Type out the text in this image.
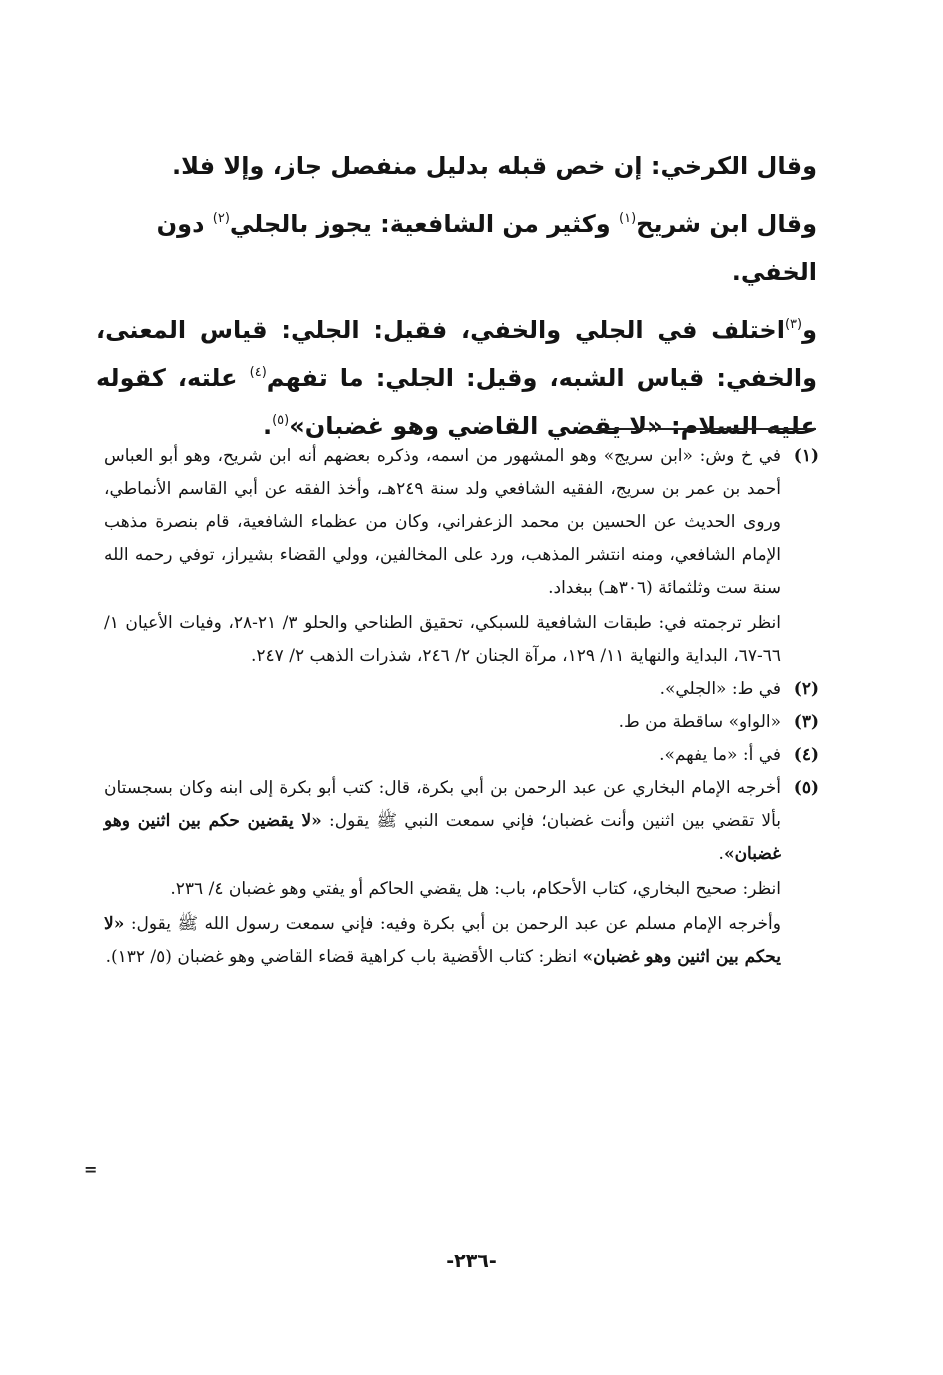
وقال الكرخي: إن خص قبله بدليل منفصل جاز، وإلا فلا.

وقال ابن شريح$^{(١)}$ وكثير من الشافعية: يجوز بالجلي$^{(٢)}$ دون الخفي.

و$^{(٣)}$اختلف في الجلي والخفي، فقيل: الجلي: قياس المعنى، والخفي: قياس الشبه، وقيل: الجلي: ما تفهم$^{(٤)}$ علته، كقوله عليه السلام: «لا يقضي القاضي وهو غضبان»$^{(٥)}$.

(١)

في خ وش: «ابن سريج» وهو المشهور من اسمه، وذكره بعضهم أنه ابن شريح، وهو أبو العباس أحمد بن عمر بن سريج، الفقيه الشافعي ولد سنة ٢٤٩هـ، وأخذ الفقه عن أبي القاسم الأنماطي، وروى الحديث عن الحسين بن محمد الزعفراني، وكان من عظماء الشافعية، قام بنصرة مذهب الإمام الشافعي، ومنه انتشر المذهب، ورد على المخالفين، وولي القضاء بشيراز، توفي رحمه الله سنة ست وثلثمائة (٣٠٦هـ) ببغداد.

انظر ترجمته في: طبقات الشافعية للسبكي، تحقيق الطناحي والحلو ٣/ ٢١-٢٨، وفيات الأعيان ١/ ٦٦-٦٧، البداية والنهاية ١١/ ١٢٩، مرآة الجنان ٢/ ٢٤٦، شذرات الذهب ٢/ ٢٤٧.

(٢)
في ط: «الجلي».
(٣)
«الواو» ساقطة من ط.
(٤)
في أ: «ما يفهم».
(٥)

أخرجه الإمام البخاري عن عبد الرحمن بن أبي بكرة، قال: كتب أبو بكرة إلى ابنه وكان بسجستان بألا تقضي بين اثنين وأنت غضبان؛ فإني سمعت النبي ﷺ يقول: «لا يقضين حكم بين اثنين وهو غضبان».

انظر: صحيح البخاري، كتاب الأحكام، باب: هل يقضي الحاكم أو يفتي وهو غضبان ٤/ ٢٣٦.

وأخرجه الإمام مسلم عن عبد الرحمن بن أبي بكرة وفيه: فإني سمعت رسول الله ﷺ يقول: «لا يحكم بين اثنين وهو غضبان» انظر: كتاب الأقضية باب كراهية قضاء القاضي وهو غضبان (٥/ ١٣٢).

=
-٢٣٦-
